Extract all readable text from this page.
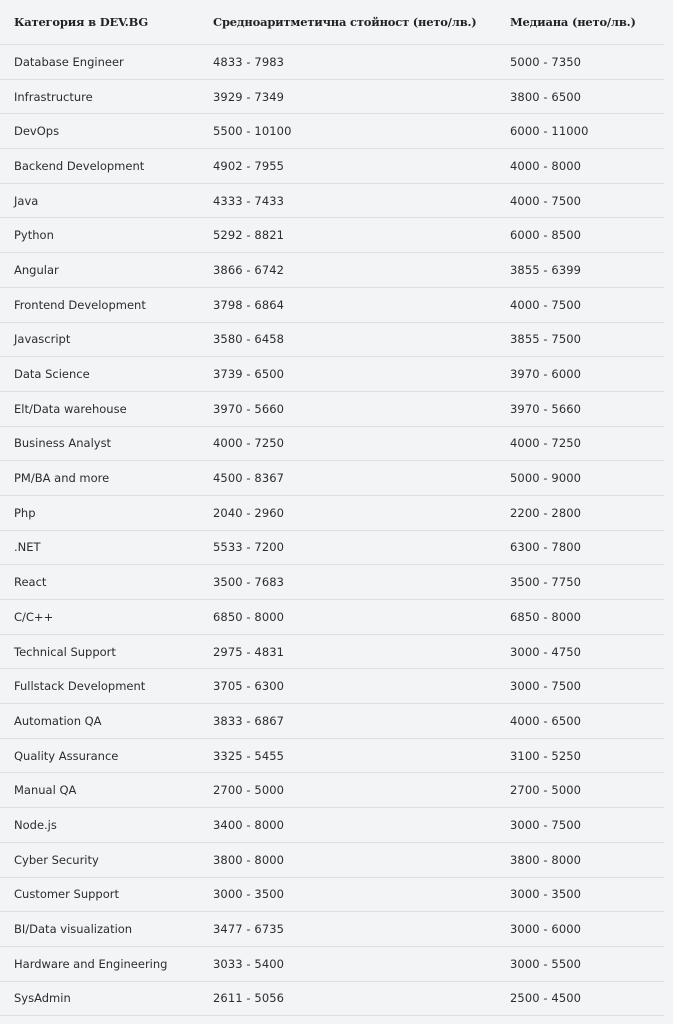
Категория в DEV.BG	Средноаритметична стойност (нето/лв.)	Медиана (нето/лв.)
Database Engineer	4833 - 7983	5000 - 7350
Infrastructure	3929 - 7349	3800 - 6500
DevOps	5500 - 10100	6000 - 11000
Backend Development	4902 - 7955	4000 - 8000
Java	4333 - 7433	4000 - 7500
Python	5292 - 8821	6000 - 8500
Angular	3866 - 6742	3855 - 6399
Frontend Development	3798 - 6864	4000 - 7500
Javascript	3580 - 6458	3855 - 7500
Data Science	3739 - 6500	3970 - 6000
Elt/Data warehouse	3970 - 5660	3970 - 5660
Business Analyst	4000 - 7250	4000 - 7250
PM/BA and more	4500 - 8367	5000 - 9000
Php	2040 - 2960	2200 - 2800
.NET	5533 - 7200	6300 - 7800
React	3500 - 7683	3500 - 7750
C/C++	6850 - 8000	6850 - 8000
Technical Support	2975 - 4831	3000 - 4750
Fullstack Development	3705 - 6300	3000 - 7500
Automation QA	3833 - 6867	4000 - 6500
Quality Assurance	3325 - 5455	3100 - 5250
Manual QA	2700 - 5000	2700 - 5000
Node.js	3400 - 8000	3000 - 7500
Cyber Security	3800 - 8000	3800 - 8000
Customer Support	3000 - 3500	3000 - 3500
BI/Data visualization	3477 - 6735	3000 - 6000
Hardware and Engineering	3033 - 5400	3000 - 5500
SysAdmin	2611 - 5056	2500 - 4500
